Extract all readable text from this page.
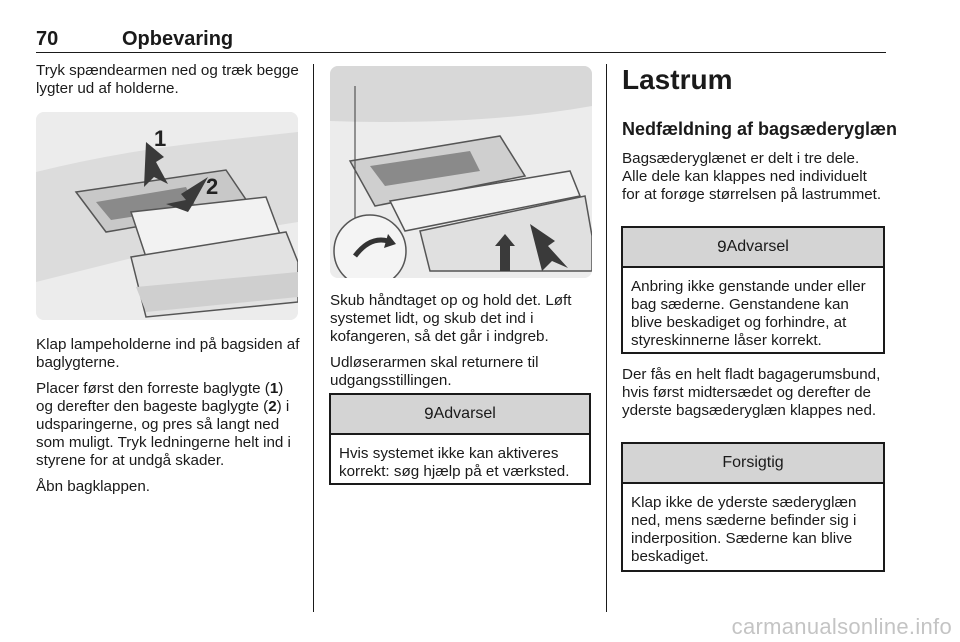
70	Opbevaring

Tryk spændearmen ned og træk begge lygter ud af holderne.

1
2

Klap lampeholderne ind på bagsiden af baglygterne.

Placer først den forreste baglygte (1) og derefter den bageste baglygte (2) i udsparingerne, og pres så langt ned som muligt. Tryk ledningerne helt ind i styrene for at undgå skader.

Åbn bagklappen.

Skub håndtaget op og hold det. Løft systemet lidt, og skub det ind i kofangeren, så det går i indgreb.

Udløserarmen skal returnere til udgangsstillingen.

9 Advarsel
Hvis systemet ikke kan aktiveres korrekt: søg hjælp på et værksted.
Lastrum
Nedfældning af bagsæderyglæn

Bagsæderyglænet er delt i tre dele. Alle dele kan klappes ned individuelt for at forøge størrelsen på lastrummet.

9 Advarsel
Anbring ikke genstande under eller bag sæderne. Genstandene kan blive beskadiget og forhindre, at styreskinnerne låser korrekt.

Der fås en helt fladt bagagerumsbund, hvis først midtersædet og derefter de yderste bagsæderyglæn klappes ned.

Forsigtig
Klap ikke de yderste sæderyglæn ned, mens sæderne befinder sig i inderposition. Sæderne kan blive beskadiget.
carmanualsonline.info
